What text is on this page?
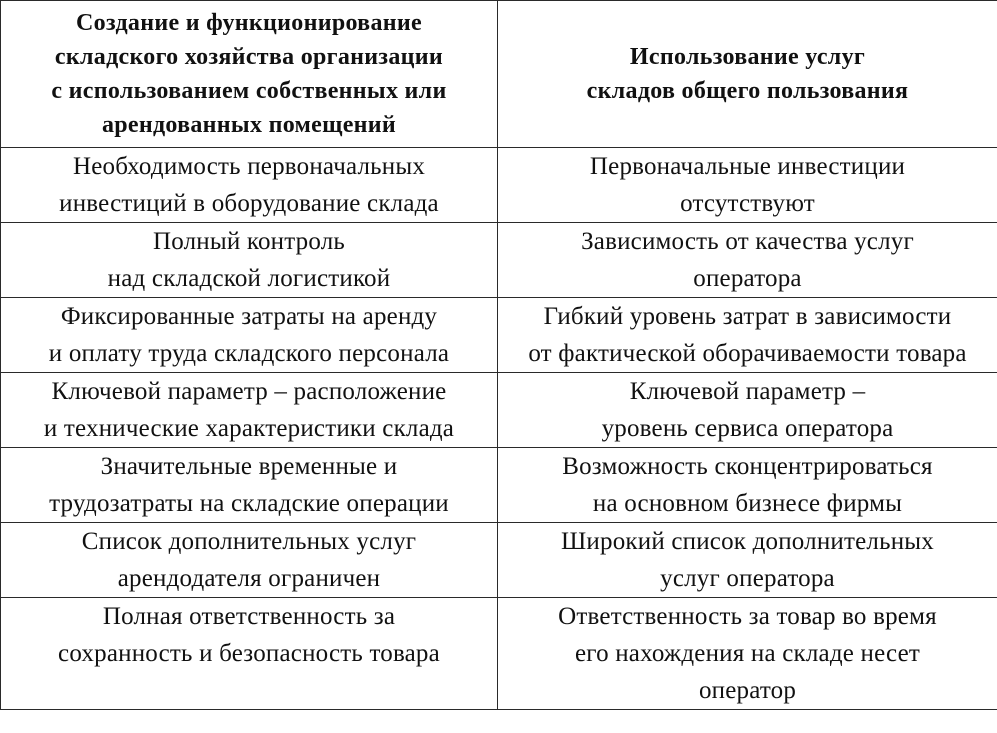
Создание и функционирование
складского хозяйства организации
с использованием собственных или
арендованных помещений	Использование услуг
складов общего пользования

Необходимость первоначальных
инвестиций в оборудование склада	Первоначальные инвестиции
отсутствуют

Полный контроль
над складской логистикой	Зависимость от качества услуг
оператора

Фиксированные затраты на аренду
и оплату труда складского персонала	Гибкий уровень затрат в зависимости
от фактической оборачиваемости товара

Ключевой параметр – расположение
и технические характеристики склада	Ключевой параметр –
уровень сервиса оператора

Значительные временные и
трудозатраты на складские операции	Возможность сконцентрироваться
на основном бизнесе фирмы

Список дополнительных услуг
арендодателя ограничен	Широкий список дополнительных
услуг оператора

Полная ответственность за
сохранность и безопасность товара	Ответственность за товар во время
его нахождения на складе несет
оператор
